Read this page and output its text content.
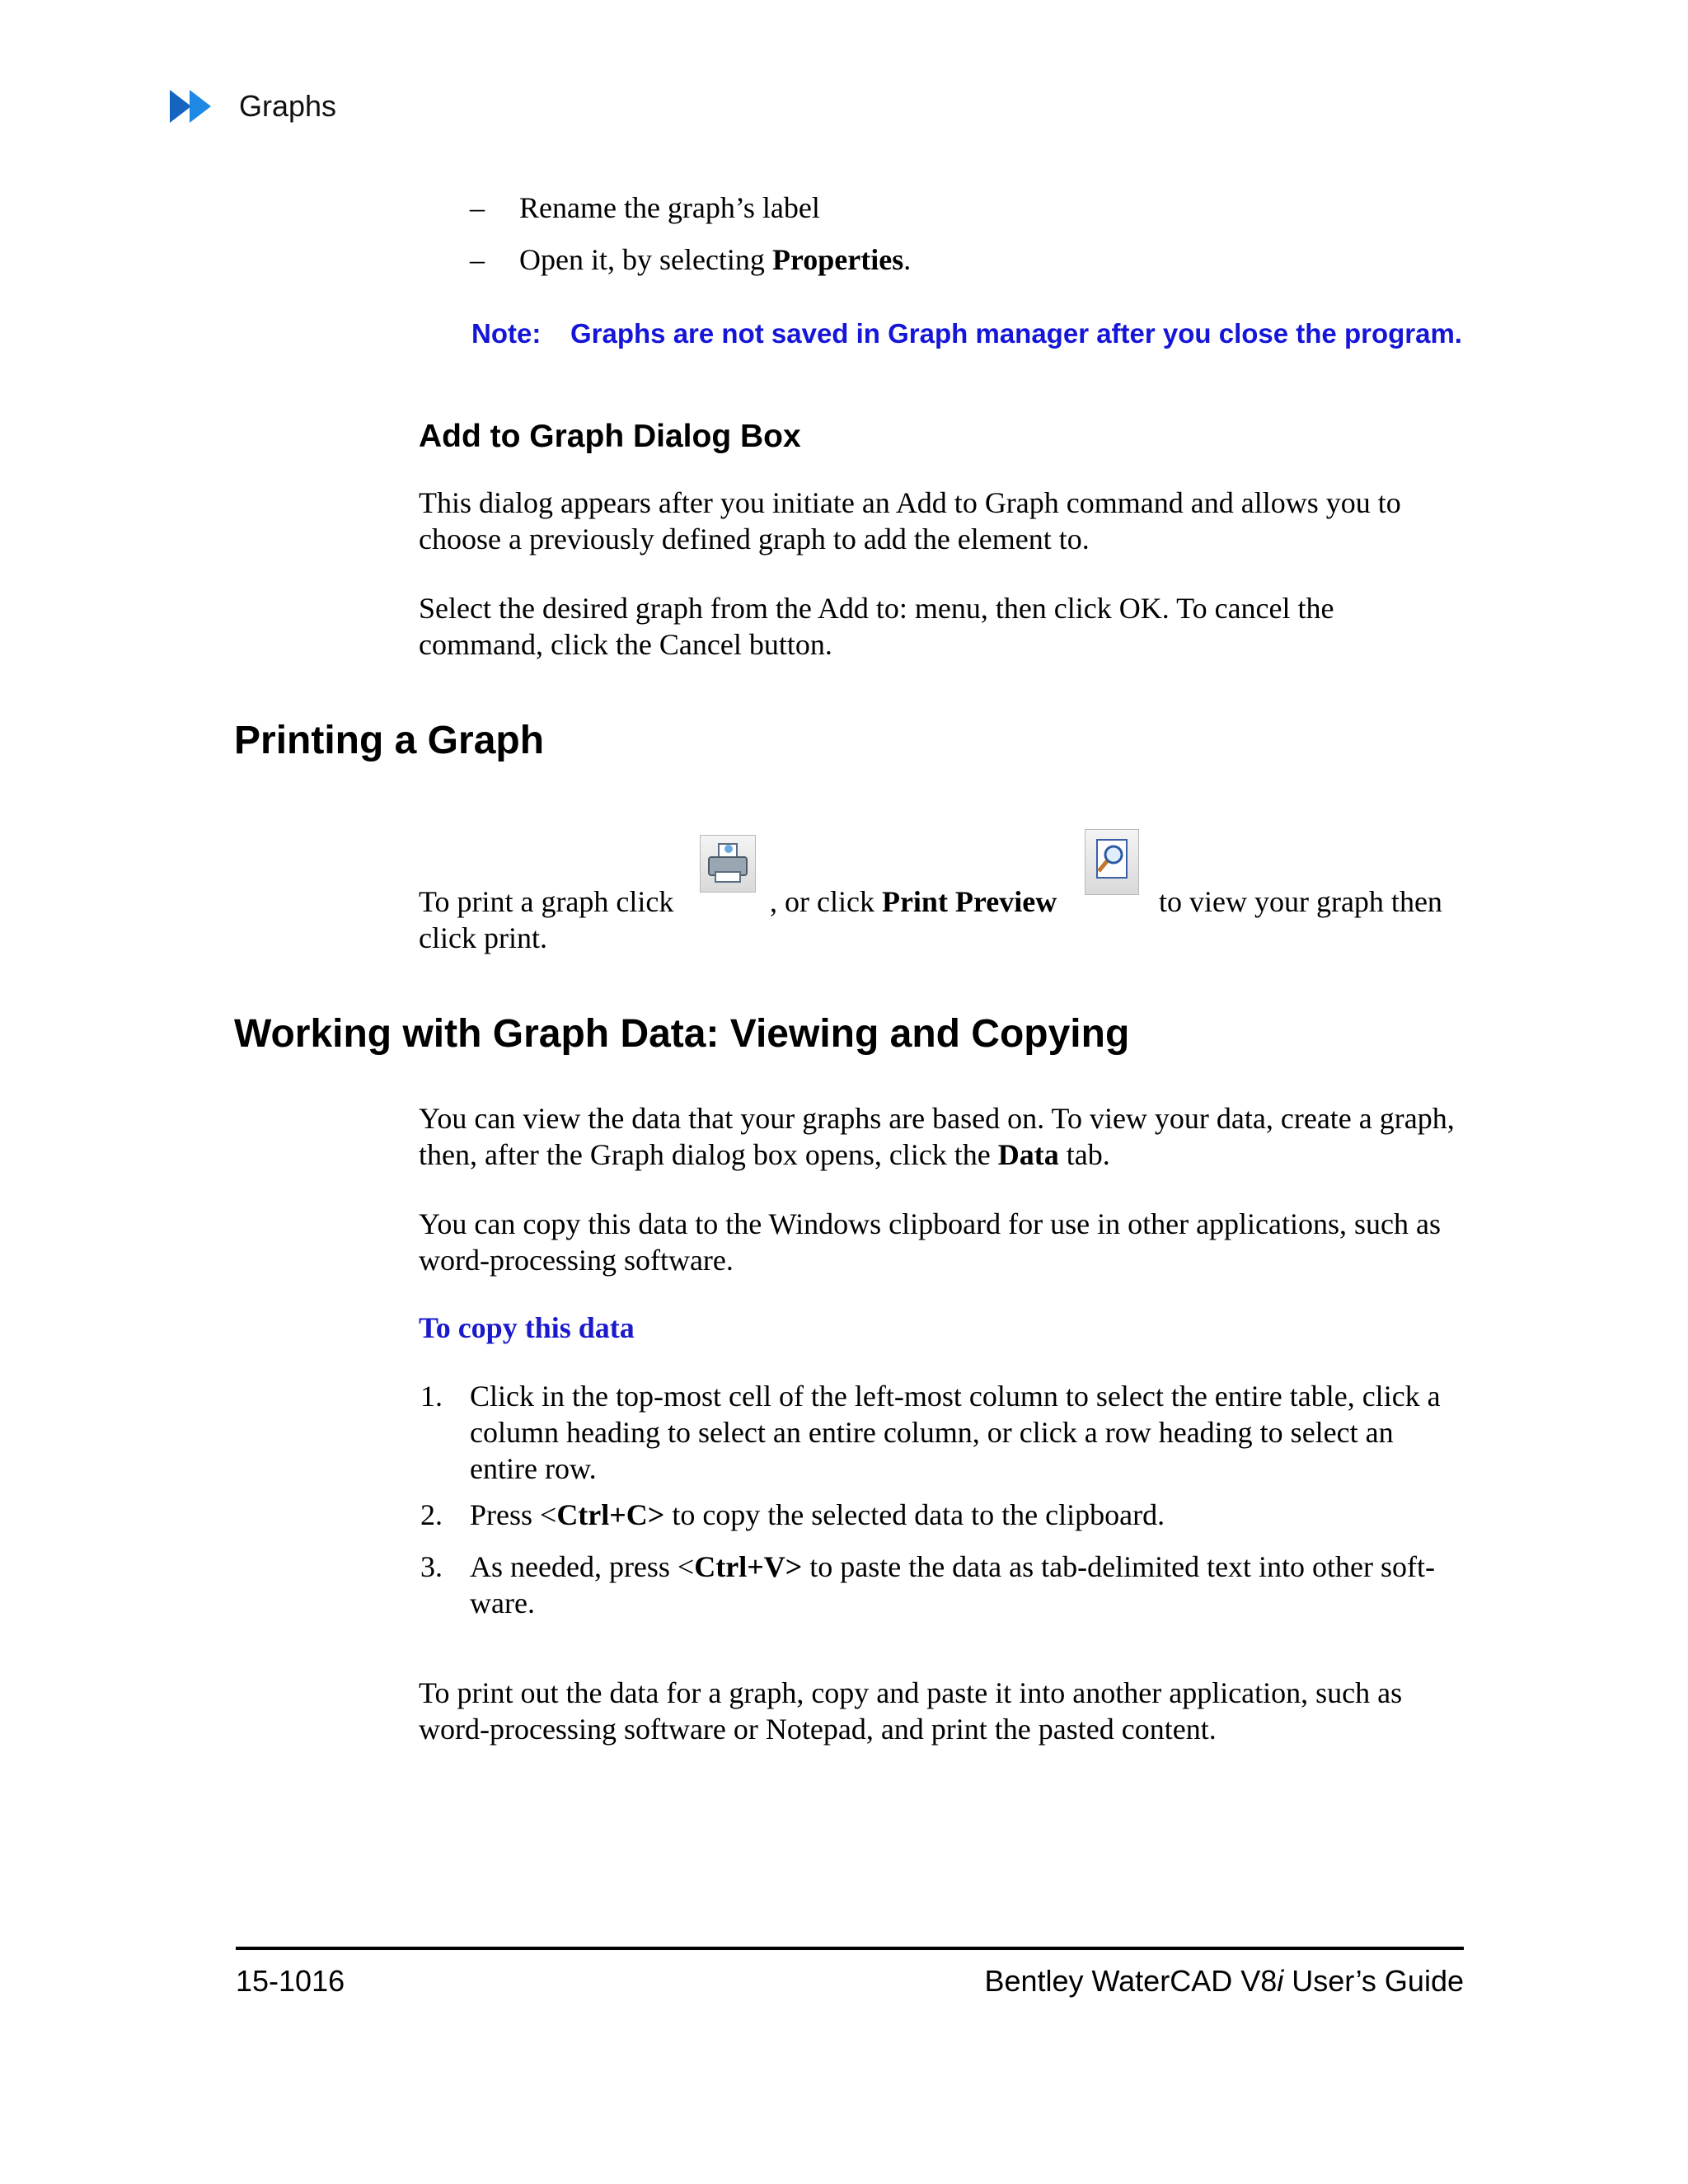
Graphs
–	Rename the graph’s label
–	Open it, by selecting Properties.
Note:	Graphs are not saved in Graph manager after you close the program.
Add to Graph Dialog Box
This dialog appears after you initiate an Add to Graph command and allows you to choose a previously defined graph to add the element to.
Select the desired graph from the Add to: menu, then click OK. To cancel the command, click the Cancel button.
Printing a Graph
To print a graph click	, or click Print Preview	to view your graph then
click print.
Working with Graph Data: Viewing and Copying
You can view the data that your graphs are based on. To view your data, create a graph, then, after the Graph dialog box opens, click the Data tab.
You can copy this data to the Windows clipboard for use in other applications, such as word-processing software.
To copy this data
1. Click in the top-most cell of the left-most column to select the entire table, click a column heading to select an entire column, or click a row heading to select an entire row.
2. Press <Ctrl+C> to copy the selected data to the clipboard.
3. As needed, press <Ctrl+V> to paste the data as tab-delimited text into other soft- ware.
To print out the data for a graph, copy and paste it into another application, such as word-processing software or Notepad, and print the pasted content.
15-1016	Bentley WaterCAD V8i User’s Guide
